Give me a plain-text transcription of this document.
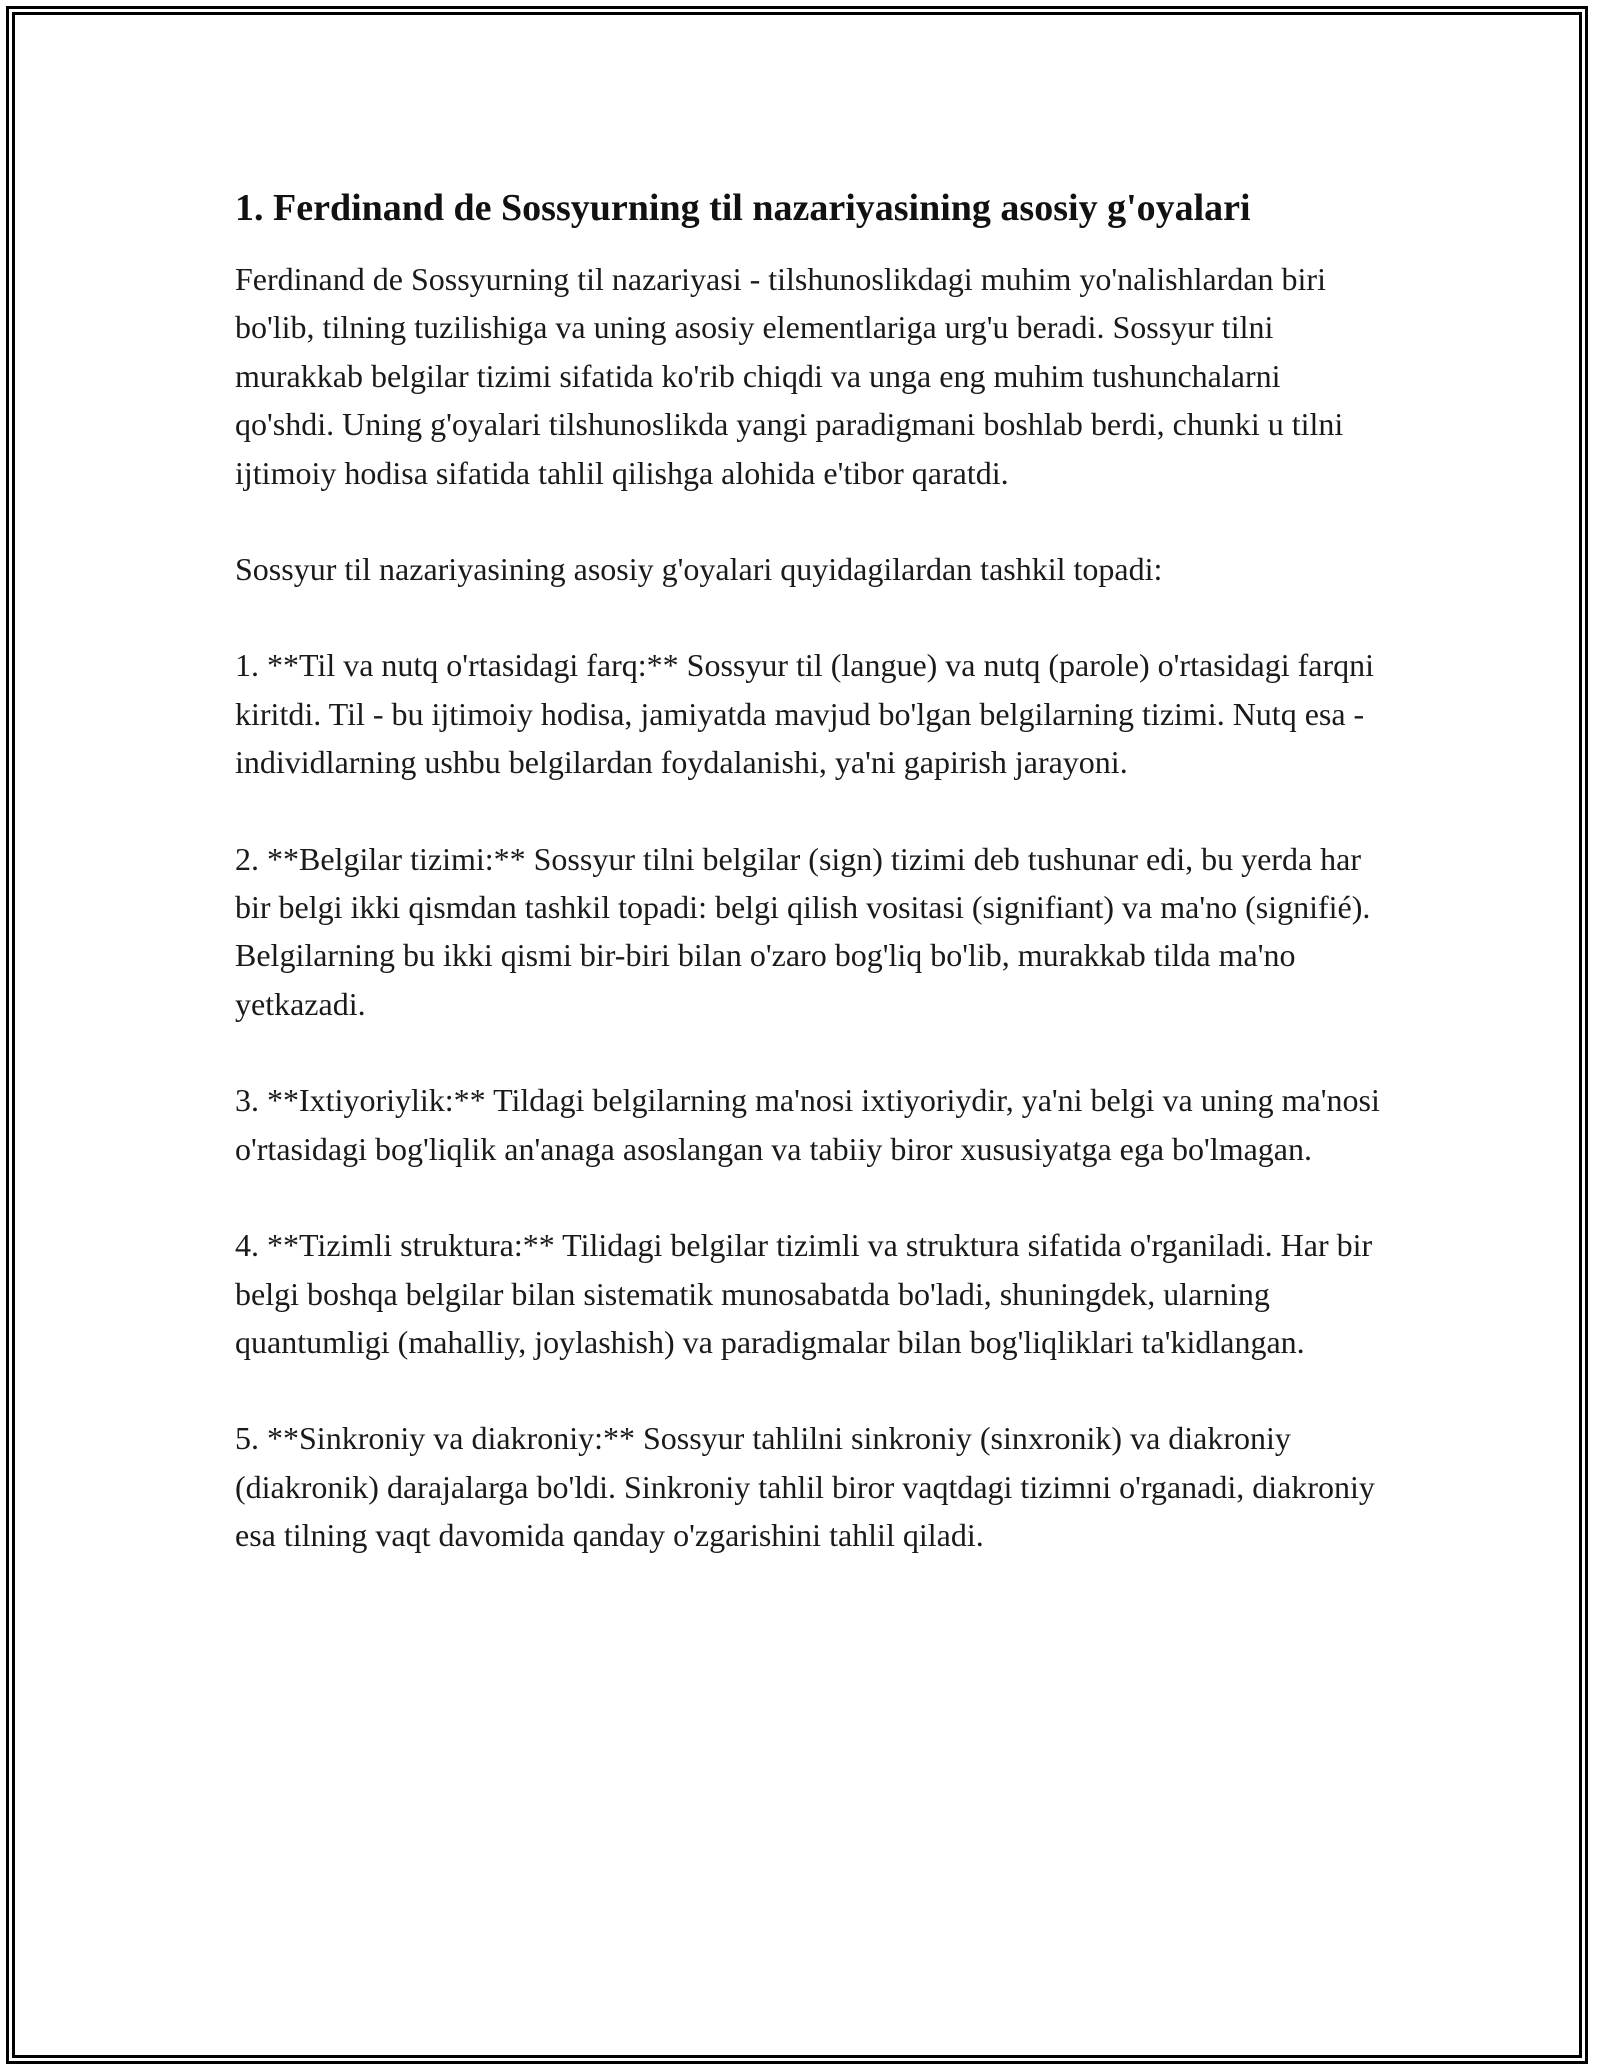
1. Ferdinand de Sossyurning til nazariyasining asosiy g'oyalari

Ferdinand de Sossyurning til nazariyasi - tilshunoslikdagi muhim yo'nalishlardan biri bo'lib, tilning tuzilishiga va uning asosiy elementlariga urg'u beradi. Sossyur tilni murakkab belgilar tizimi sifatida ko'rib chiqdi va unga eng muhim tushunchalarni qo'shdi. Uning g'oyalari tilshunoslikda yangi paradigmani boshlab berdi, chunki u tilni ijtimoiy hodisa sifatida tahlil qilishga alohida e'tibor qaratdi.

Sossyur til nazariyasining asosiy g'oyalari quyidagilardan tashkil topadi:

1. **Til va nutq o'rtasidagi farq:** Sossyur til (langue) va nutq (parole) o'rtasidagi farqni kiritdi. Til - bu ijtimoiy hodisa, jamiyatda mavjud bo'lgan belgilarning tizimi. Nutq esa - individlarning ushbu belgilardan foydalanishi, ya'ni gapirish jarayoni.

2. **Belgilar tizimi:** Sossyur tilni belgilar (sign) tizimi deb tushunar edi, bu yerda har bir belgi ikki qismdan tashkil topadi: belgi qilish vositasi (signifiant) va ma'no (signifié). Belgilarning bu ikki qismi bir-biri bilan o'zaro bog'liq bo'lib, murakkab tilda ma'no yetkazadi.

3. **Ixtiyoriylik:** Tildagi belgilarning ma'nosi ixtiyoriydir, ya'ni belgi va uning ma'nosi o'rtasidagi bog'liqlik an'anaga asoslangan va tabiiy biror xususiyatga ega bo'lmagan.

4. **Tizimli struktura:** Tilidagi belgilar tizimli va struktura sifatida o'rganiladi. Har bir belgi boshqa belgilar bilan sistematik munosabatda bo'ladi, shuningdek, ularning quantumligi (mahalliy, joylashish) va paradigmalar bilan bog'liqliklari ta'kidlangan.

5. **Sinkroniy va diakroniy:** Sossyur tahlilni sinkroniy (sinxronik) va diakroniy (diakronik) darajalarga bo'ldi. Sinkroniy tahlil biror vaqtdagi tizimni o'rganadi, diakroniy esa tilning vaqt davomida qanday o'zgarishini tahlil qiladi.
